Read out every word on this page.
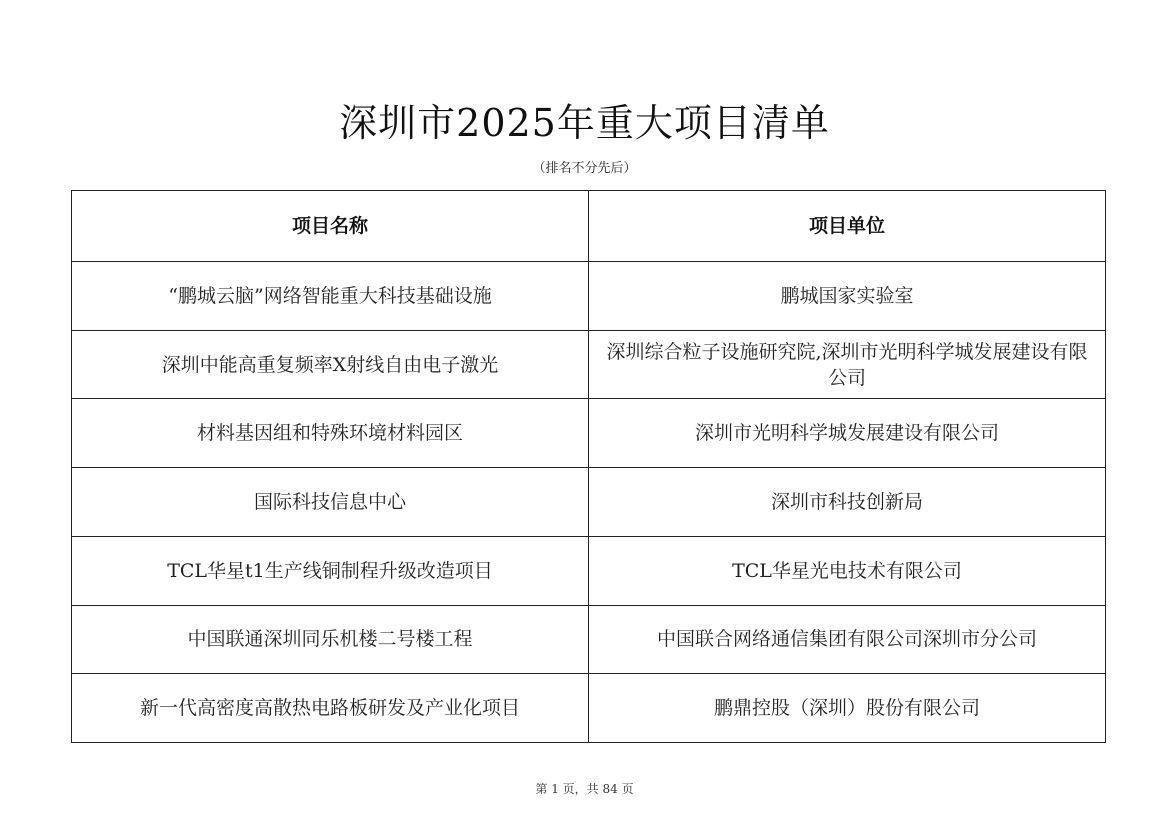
深圳市2025年重大项目清单
（排名不分先后）
项目名称	项目单位
“鹏城云脑”网络智能重大科技基础设施	鹏城国家实验室
深圳中能高重复频率X射线自由电子激光	深圳综合粒子设施研究院,深圳市光明科学城发展建设有限公司
材料基因组和特殊环境材料园区	深圳市光明科学城发展建设有限公司
国际科技信息中心	深圳市科技创新局
TCL华星t1生产线铜制程升级改造项目	TCL华星光电技术有限公司
中国联通深圳同乐机楼二号楼工程	中国联合网络通信集团有限公司深圳市分公司
新一代高密度高散热电路板研发及产业化项目	鹏鼎控股（深圳）股份有限公司
第 1 页，共 84 页
